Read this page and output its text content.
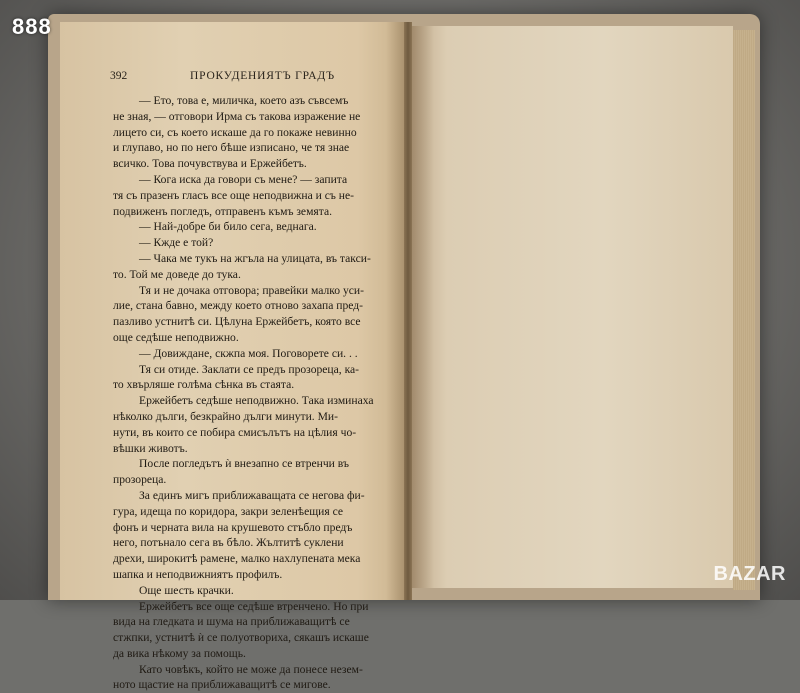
392	ПРОКУДЕНИЯТЪ ГРАДЪ

— Ето, това е, миличка, което азъ съвсемъ

не зная, — отговори Ирма съ такова изражение не

лицето си, съ което искаше да го покаже невинно

и глупаво, но по него бѣше изписано, че тя знае

всичко. Това почувствува и Ержейбетъ.

— Кога иска да говори съ мене? — запита

тя съ празенъ гласъ все още неподвижна и съ не-

подвиженъ погледъ, отправенъ къмъ земята.

— Най-добре би било сега, веднага.

— Кжде е той?

— Чака ме тукъ на жгъла на улицата, въ такси-

то. Той ме доведе до тука.

Тя и не дочака отговора; правейки малко уси-

лие, стана бавно, между което отново захапа пред-

пазливо устнитѣ си. Цѣлуна Ержейбетъ, която все

още седѣше неподвижно.

— Довиждане, скжпа моя. Поговорете си. . .

Тя си отиде. Заклати се предъ прозореца, ка-

то хвърляше голѣма сѣнка въ стаята.

Ержейбетъ седѣше неподвижно. Така изминаха

нѣколко дълги, безкрайно дълги минути. Ми-

нути, въ които се побира смисълътъ на цѣлия чо-

вѣшки животъ.

После погледътъ ѝ внезапно се втренчи въ

прозореца.

За единъ мигъ приближаващата се негова фи-

гура, идеща по коридора, закри зеленѣещия се

фонъ и черната вила на крушевото стъбло предъ

него, потънало сега въ бѣло. Жълтитѣ суклени

дрехи, широкитѣ рамене, малко нахлупената мека

шапка и неподвижниятъ профилъ.

Още шесть крачки.

Ержейбетъ все още седѣше втренчено. Но при

вида на гледката и шума на приближаващитѣ се

стжпки, устнитѣ ѝ се полуотвориха, сякашъ искаше

да вика нѣкому за помощь.

Като човѣкъ, който не може да понесе незем-

ното щастие на приближаващитѣ се мигове.

888
BAZAR
